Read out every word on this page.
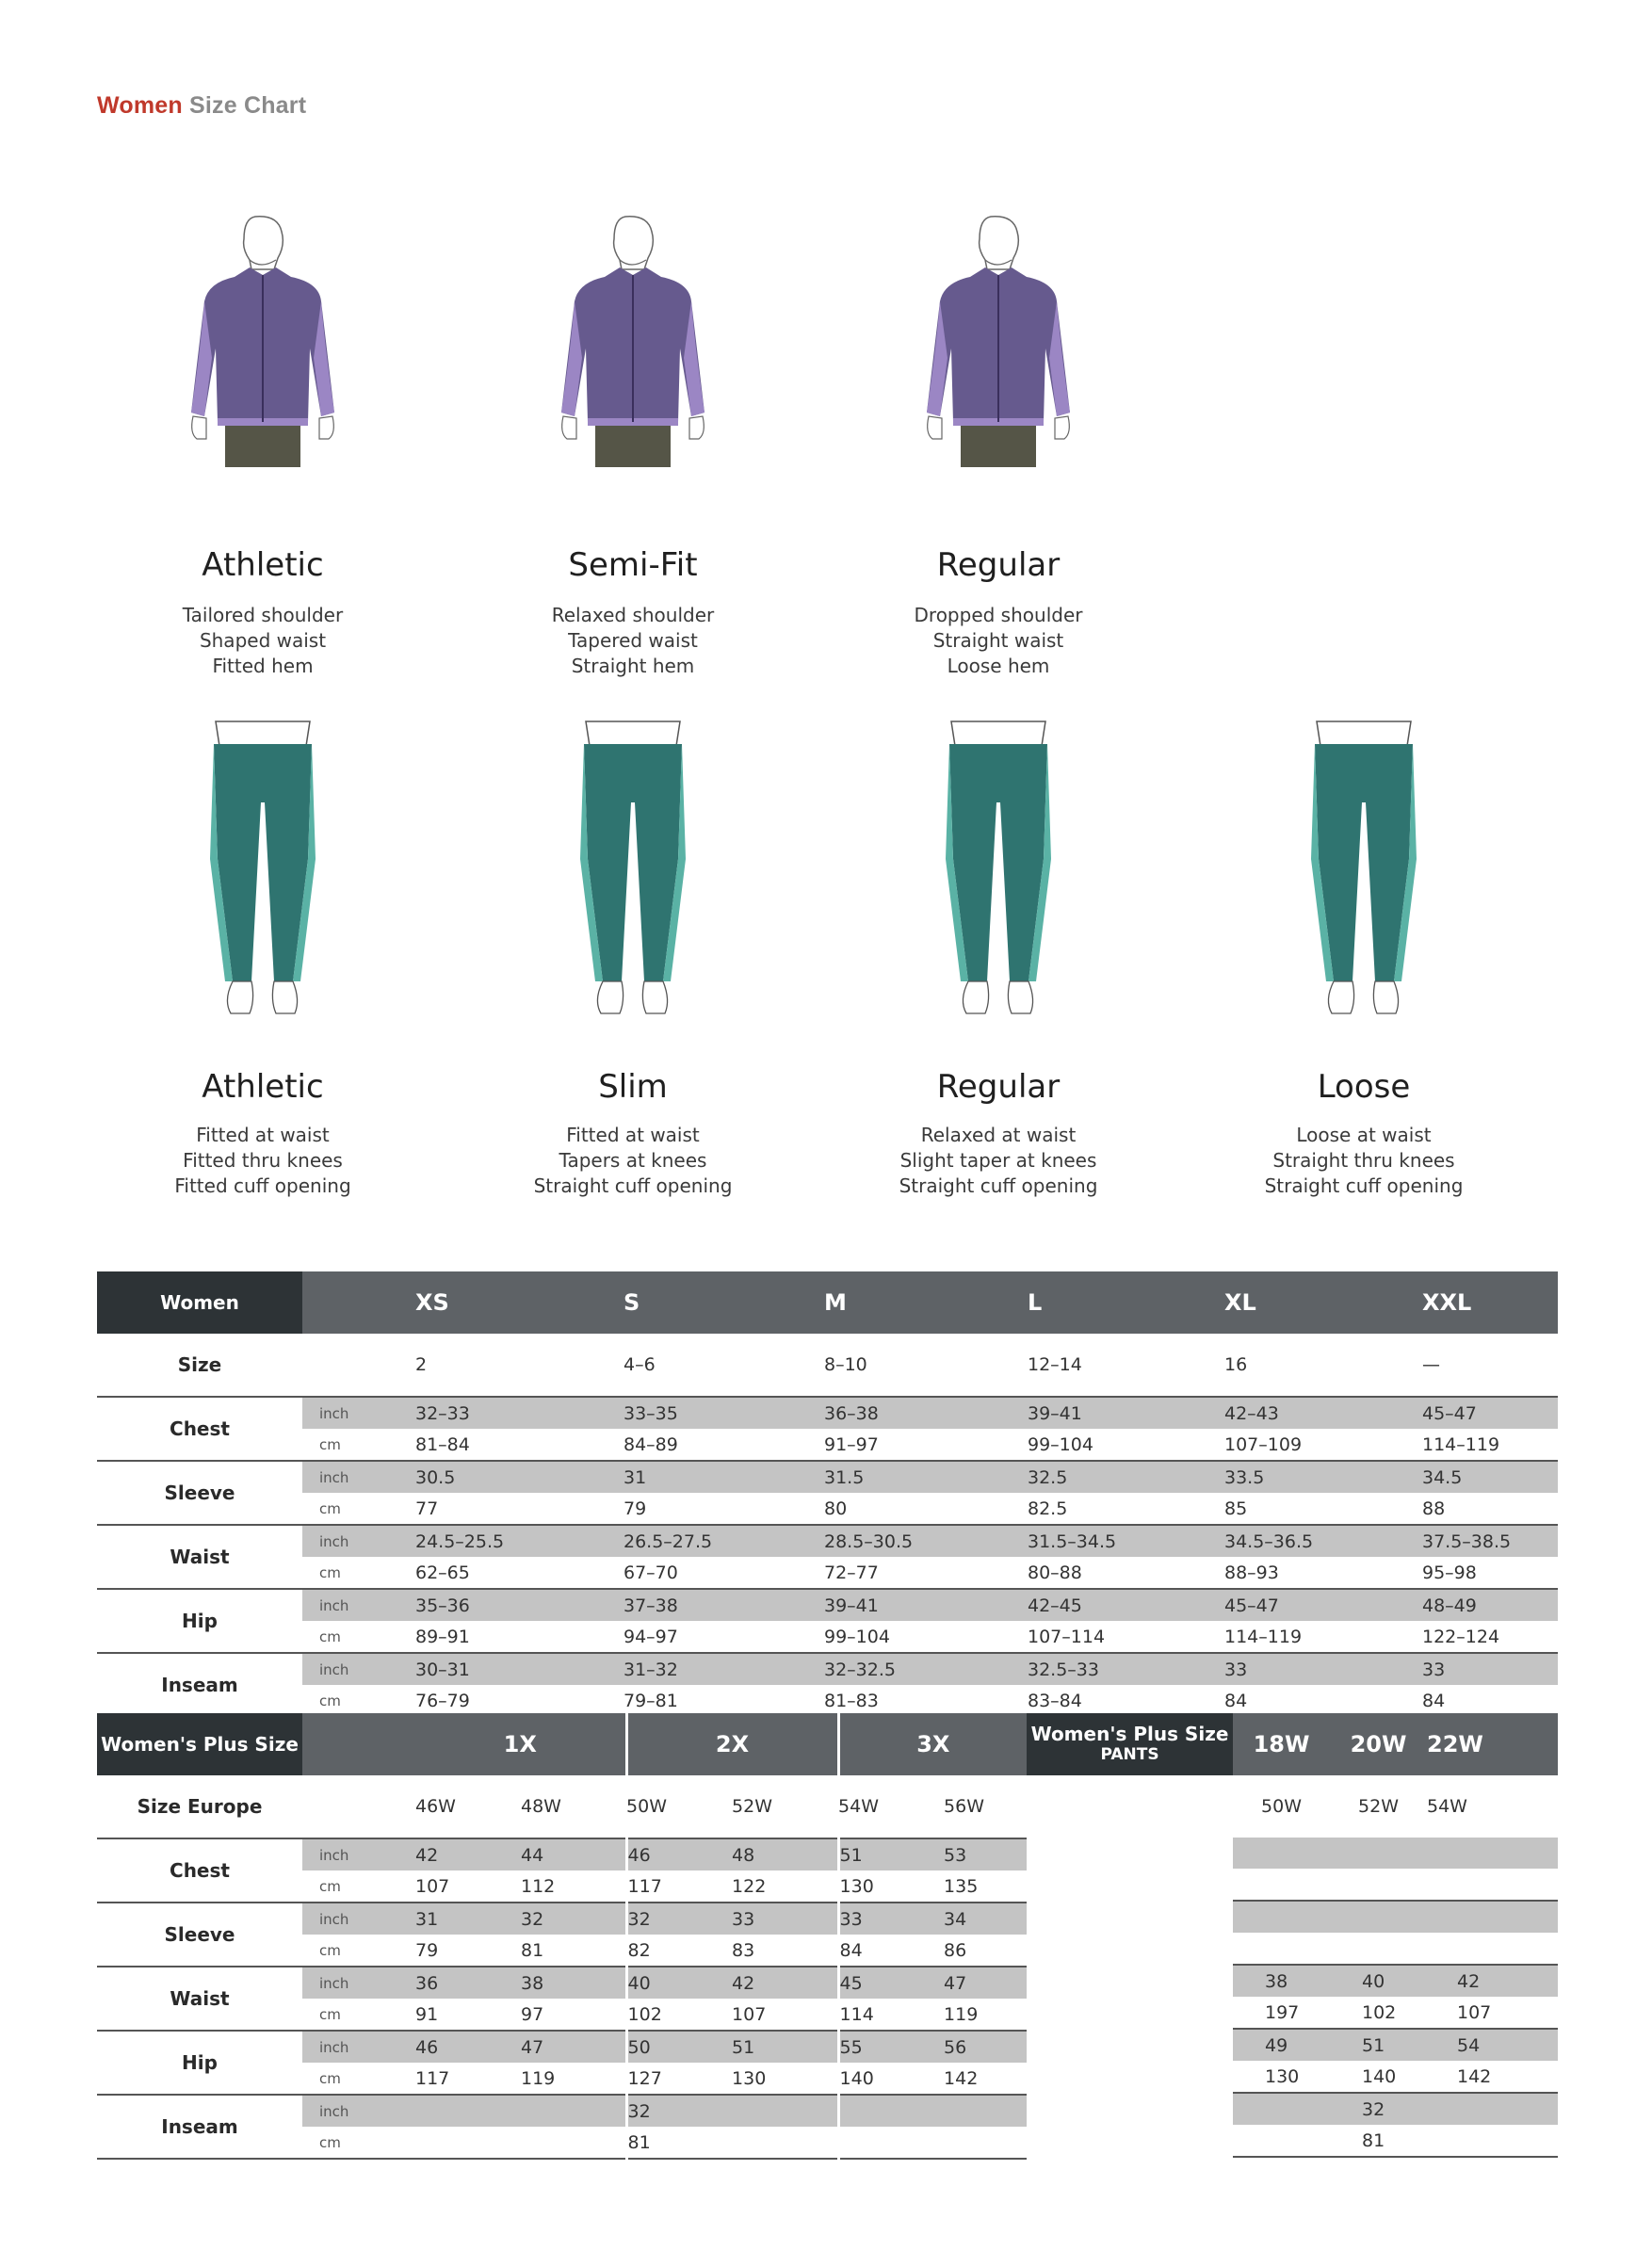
Women Size Chart
Athletic
Tailored shoulder
Shaped waist
Fitted hem
Semi-Fit
Relaxed shoulder
Tapered waist
Straight hem
Regular
Dropped shoulder
Straight waist
Loose hem
Athletic
Fitted at waist
Fitted thru knees
Fitted cuff opening
Slim
Fitted at waist
Tapers at knees
Straight cuff opening
Regular
Relaxed at waist
Slight taper at knees
Straight cuff opening
Loose
Loose at waist
Straight thru knees
Straight cuff opening
Women		XS	S	M	L	XL	XXL
Size		2	4–6	8–10	12–14	16	—
Chest	inch	32–33	33–35	36–38	39–41	42–43	45–47
	cm	81–84	84–89	91–97	99–104	107–109	114–119
Sleeve	inch	30.5	31	31.5	32.5	33.5	34.5
	cm	77	79	80	82.5	85	88
Waist	inch	24.5–25.5	26.5–27.5	28.5–30.5	31.5–34.5	34.5–36.5	37.5–38.5
	cm	62–65	67–70	72–77	80–88	88–93	95–98
Hip	inch	35–36	37–38	39–41	42–45	45–47	48–49
	cm	89–91	94–97	99–104	107–114	114–119	122–124
Inseam	inch	30–31	31–32	32–32.5	32.5–33	33	33
	cm	76–79	79–81	81–83	83–84	84	84
Women's Plus Size		1X		2X		3X	
Size Europe		46W	48W	50W	52W	54W	56W
Chest	inch	42	44	46	48	51	53
	cm	107	112	117	122	130	135
Sleeve	inch	31	32	32	33	33	34
	cm	79	81	82	83	84	86
Waist	inch	36	38	40	42	45	47
	cm	91	97	102	107	114	119
Hip	inch	46	47	50	51	55	56
	cm	117	119	127	130	140	142
Inseam	inch			32			
	cm			81			
Women's Plus Size
PANTS	18W	20W	22W
	50W	52W	54W

	38	40	42
	197	102	107
	49	51	54
	130	140	142
		32	
		81	
